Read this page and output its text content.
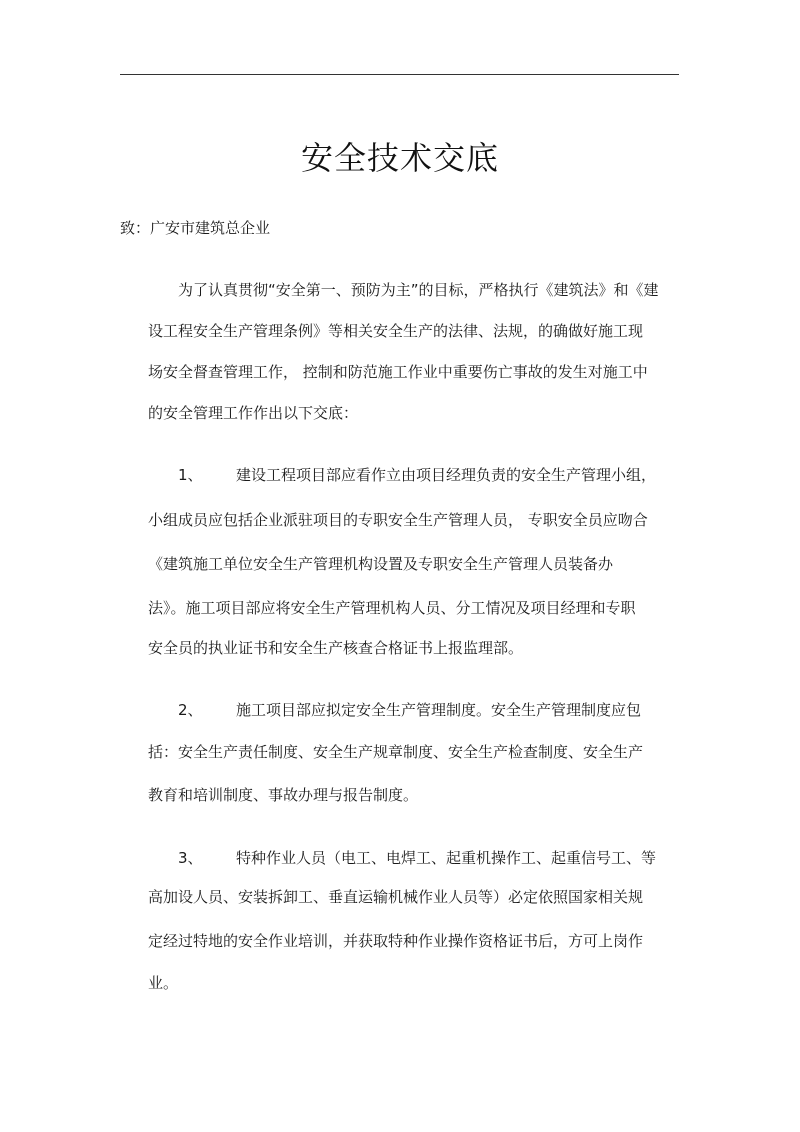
安全技术交底
致：广安市建筑总企业
为了认真贯彻“安全第一、预防为主”的目标，严格执行《建筑法》和《建
设工程安全生产管理条例》等相关安全生产的法律、法规，的确做好施工现
场安全督查管理工作， 控制和防范施工作业中重要伤亡事故的发生对施工中
的安全管理工作作出以下交底：
1、 建设工程项目部应看作立由项目经理负责的安全生产管理小组，
小组成员应包括企业派驻项目的专职安全生产管理人员， 专职安全员应吻合
《建筑施工单位安全生产管理机构设置及专职安全生产管理人员装备办
法》。施工项目部应将安全生产管理机构人员、分工情况及项目经理和专职
安全员的执业证书和安全生产核查合格证书上报监理部。
2、 施工项目部应拟定安全生产管理制度。安全生产管理制度应包
括：安全生产责任制度、安全生产规章制度、安全生产检查制度、安全生产
教育和培训制度、事故办理与报告制度。
3、 特种作业人员（电工、电焊工、起重机操作工、起重信号工、等
高加设人员、安装拆卸工、垂直运输机械作业人员等）必定依照国家相关规
定经过特地的安全作业培训，并获取特种作业操作资格证书后，方可上岗作
业。
